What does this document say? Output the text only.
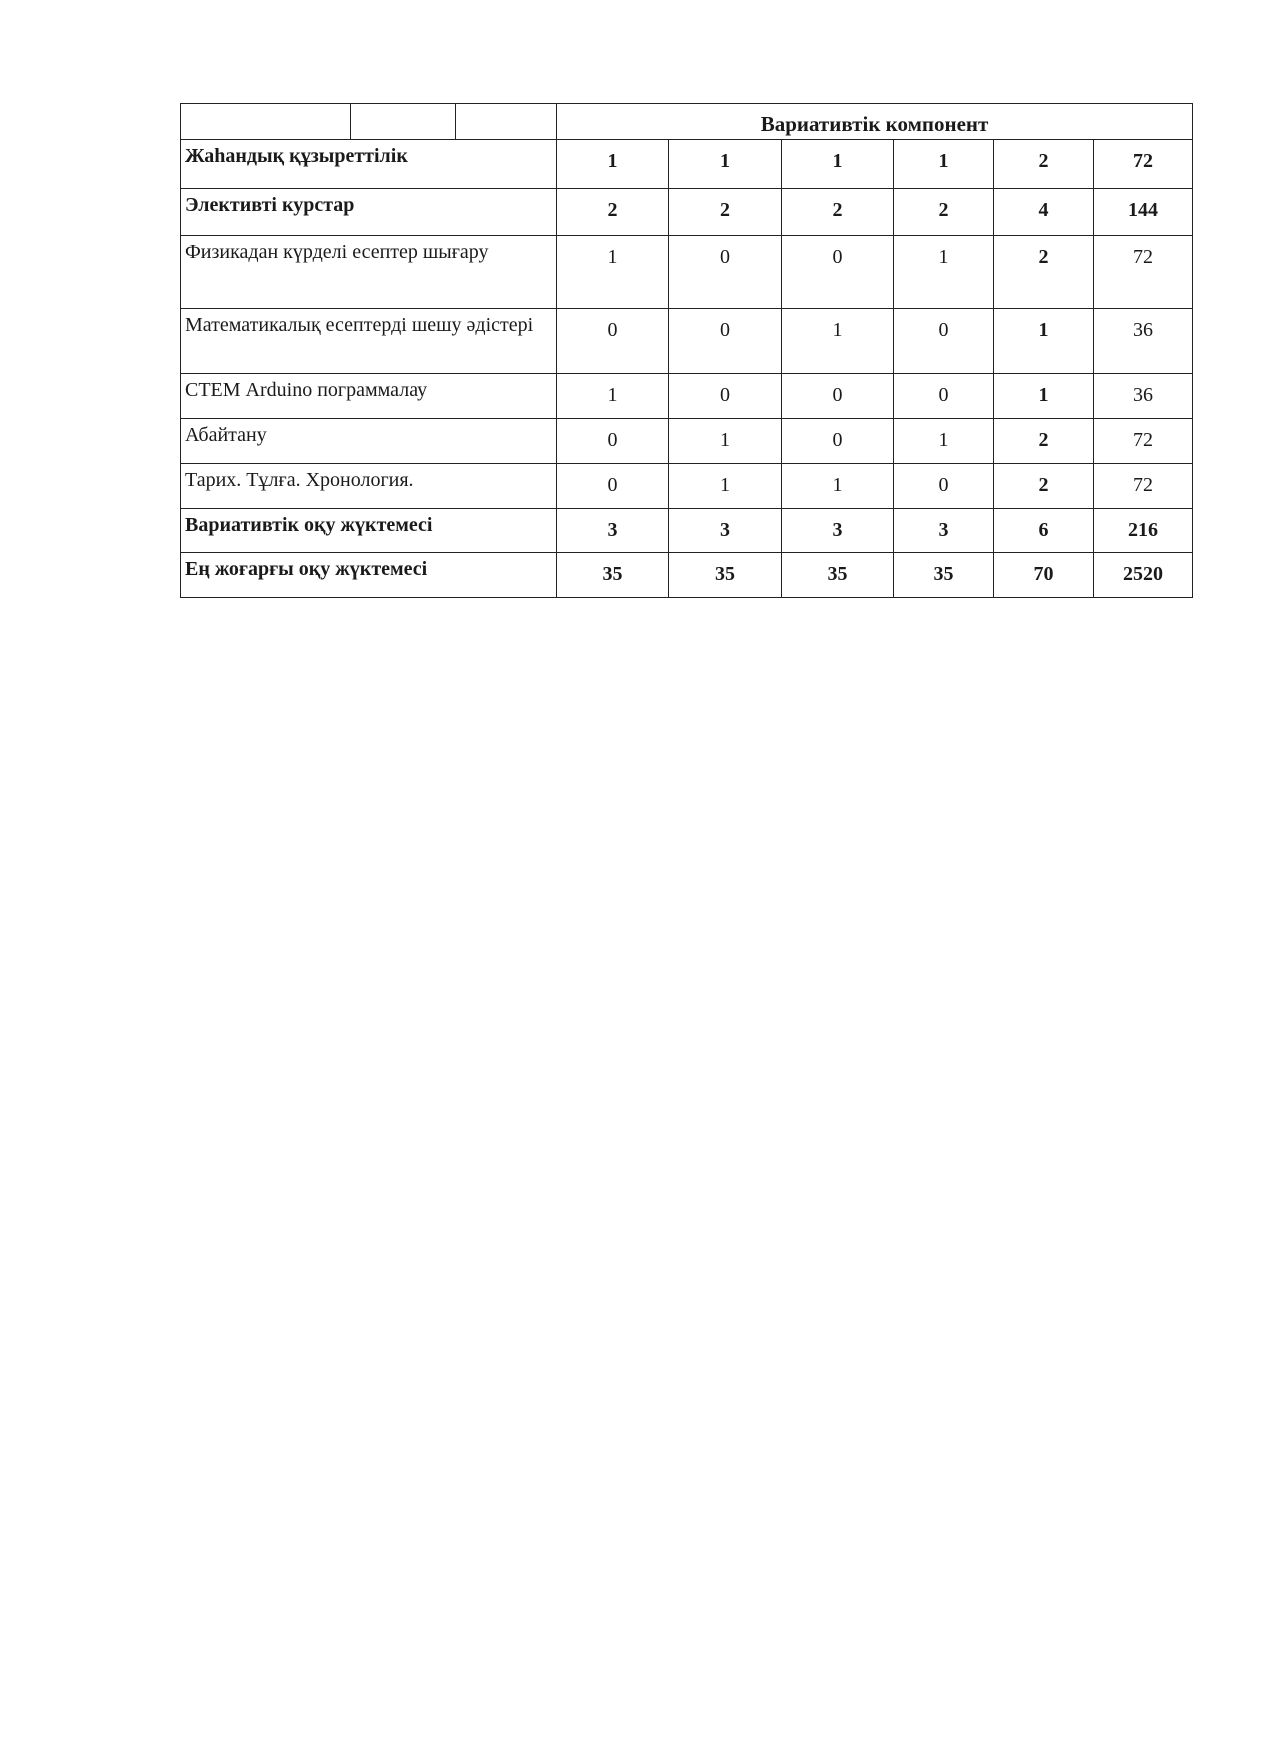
			Вариативтік компонент					
Жаһандық құзыреттілік			1	1	1	1	2	72
Элективті курстар			2	2	2	2	4	144
Физикадан күрделі есептер шығару			1	0	0	1	2	72
Математикалық есептерді шешу әдістері			0	0	1	0	1	36
СТЕМ Arduino пограммалау			1	0	0	0	1	36
Абайтану			0	1	0	1	2	72
Тарих. Тұлға. Хронология.			0	1	1	0	2	72
Вариативтік оқу жүктемесі			3	3	3	3	6	216
Ең жоғарғы оқу жүктемесі			35	35	35	35	70	2520
